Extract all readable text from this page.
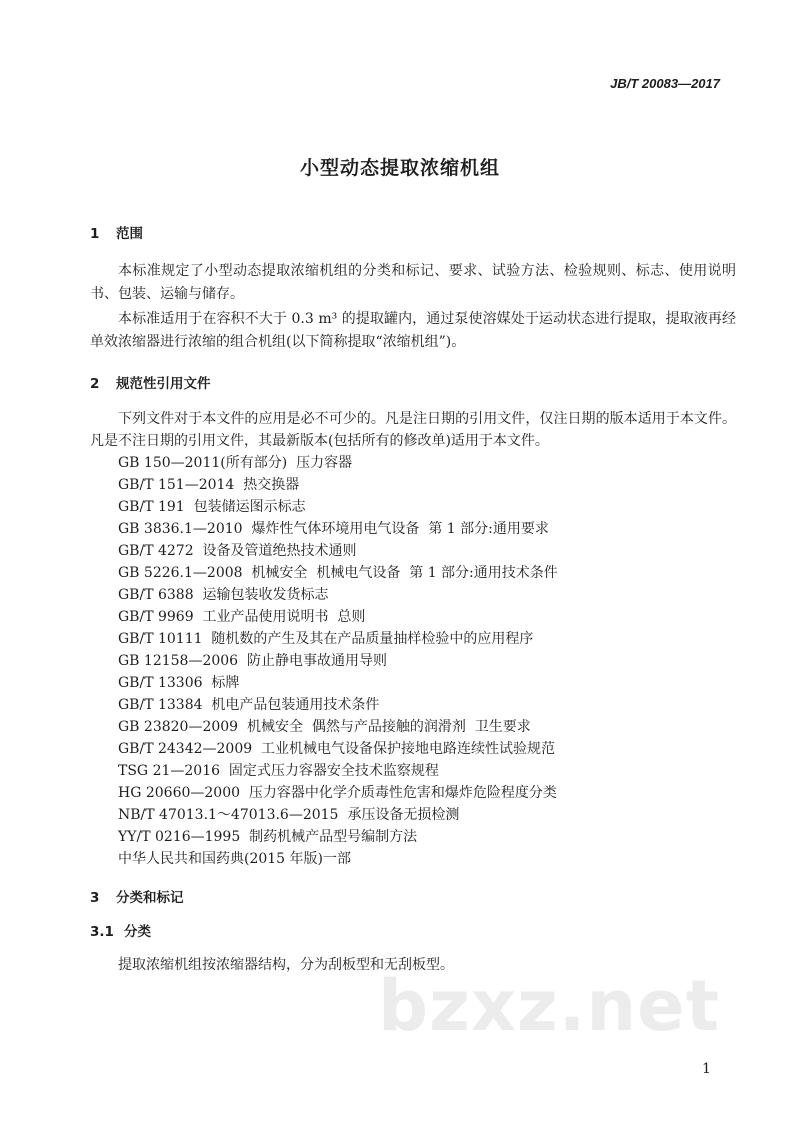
JB/T 20083—2017
小型动态提取浓缩机组
1 范围
本标准规定了小型动态提取浓缩机组的分类和标记、要求、试验方法、检验规则、标志、使用说明书、包装、运输与储存。
本标准适用于在容积不大于 0.3 m³ 的提取罐内，通过泵使溶媒处于运动状态进行提取，提取液再经单效浓缩器进行浓缩的组合机组(以下简称提取“浓缩机组”)。
2 规范性引用文件
下列文件对于本文件的应用是必不可少的。凡是注日期的引用文件，仅注日期的版本适用于本文件。凡是不注日期的引用文件，其最新版本(包括所有的修改单)适用于本文件。
GB 150—2011(所有部分)  压力容器
GB/T 151—2014  热交换器
GB/T 191  包装储运图示标志
GB 3836.1—2010  爆炸性气体环境用电气设备  第 1 部分:通用要求
GB/T 4272  设备及管道绝热技术通则
GB 5226.1—2008  机械安全  机械电气设备  第 1 部分:通用技术条件
GB/T 6388  运输包装收发货标志
GB/T 9969  工业产品使用说明书  总则
GB/T 10111  随机数的产生及其在产品质量抽样检验中的应用程序
GB 12158—2006  防止静电事故通用导则
GB/T 13306  标牌
GB/T 13384  机电产品包装通用技术条件
GB 23820—2009  机械安全  偶然与产品接触的润滑剂  卫生要求
GB/T 24342—2009  工业机械电气设备保护接地电路连续性试验规范
TSG 21—2016  固定式压力容器安全技术监察规程
HG 20660—2000  压力容器中化学介质毒性危害和爆炸危险程度分类
NB/T 47013.1～47013.6—2015  承压设备无损检测
YY/T 0216—1995  制药机械产品型号编制方法
中华人民共和国药典(2015 年版)一部
3 分类和标记
3.1 分类
提取浓缩机组按浓缩器结构，分为刮板型和无刮板型。
bzxz.net
1
